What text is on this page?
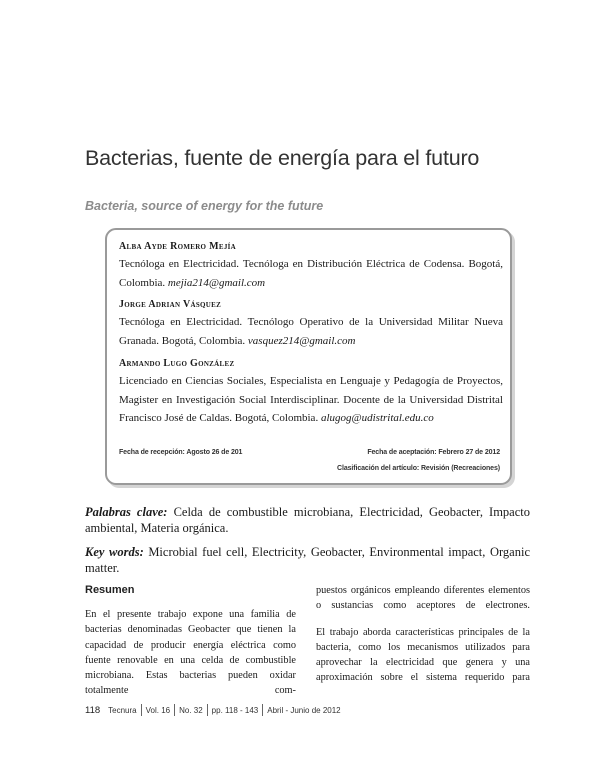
Bacterias, fuente de energía para el futuro
Bacteria, source of energy for the future
Alba Ayde Romero Mejía
Tecnóloga en Electricidad. Tecnóloga en Distribución Eléctrica de Codensa. Bogotá, Colombia. mejia214@gmail.com
Jorge Adrian Vásquez
Tecnóloga en Electricidad. Tecnólogo Operativo de la Universidad Militar Nueva Granada. Bogotá, Colombia. vasquez214@gmail.com
Armando Lugo González
Licenciado en Ciencias Sociales, Especialista en Lenguaje y Pedagogía de Proyectos, Magister en Investigación Social Interdisciplinar. Docente de la Universidad Distrital Francisco José de Caldas. Bogotá, Colombia. alugog@udistrital.edu.co
Fecha de recepción: Agosto 26 de 201	Fecha de aceptación: Febrero 27 de 2012
Clasificación del artículo: Revisión (Recreaciones)

Palabras clave: Celda de combustible microbiana, Electricidad, Geobacter, Impacto ambiental, Materia orgánica.

Key words: Microbial fuel cell, Electricity, Geobacter, Environmental impact, Organic matter.

Resumen

En el presente trabajo expone una familia de bacterias denominadas Geobacter que tienen la capacidad de producir energía eléctrica como fuente renovable en una celda de combustible microbiana. Estas bacterias pueden oxidar totalmente com-

puestos orgánicos empleando diferentes elementos o sustancias como aceptores de electrones.

El trabajo aborda características principales de la bacteria, como los mecanismos utilizados para aprovechar la electricidad que genera y una aproximación sobre el sistema requerido para

118 Tecnura Vol. 16 No. 32 pp. 118 - 143 Abril - Junio de 2012
